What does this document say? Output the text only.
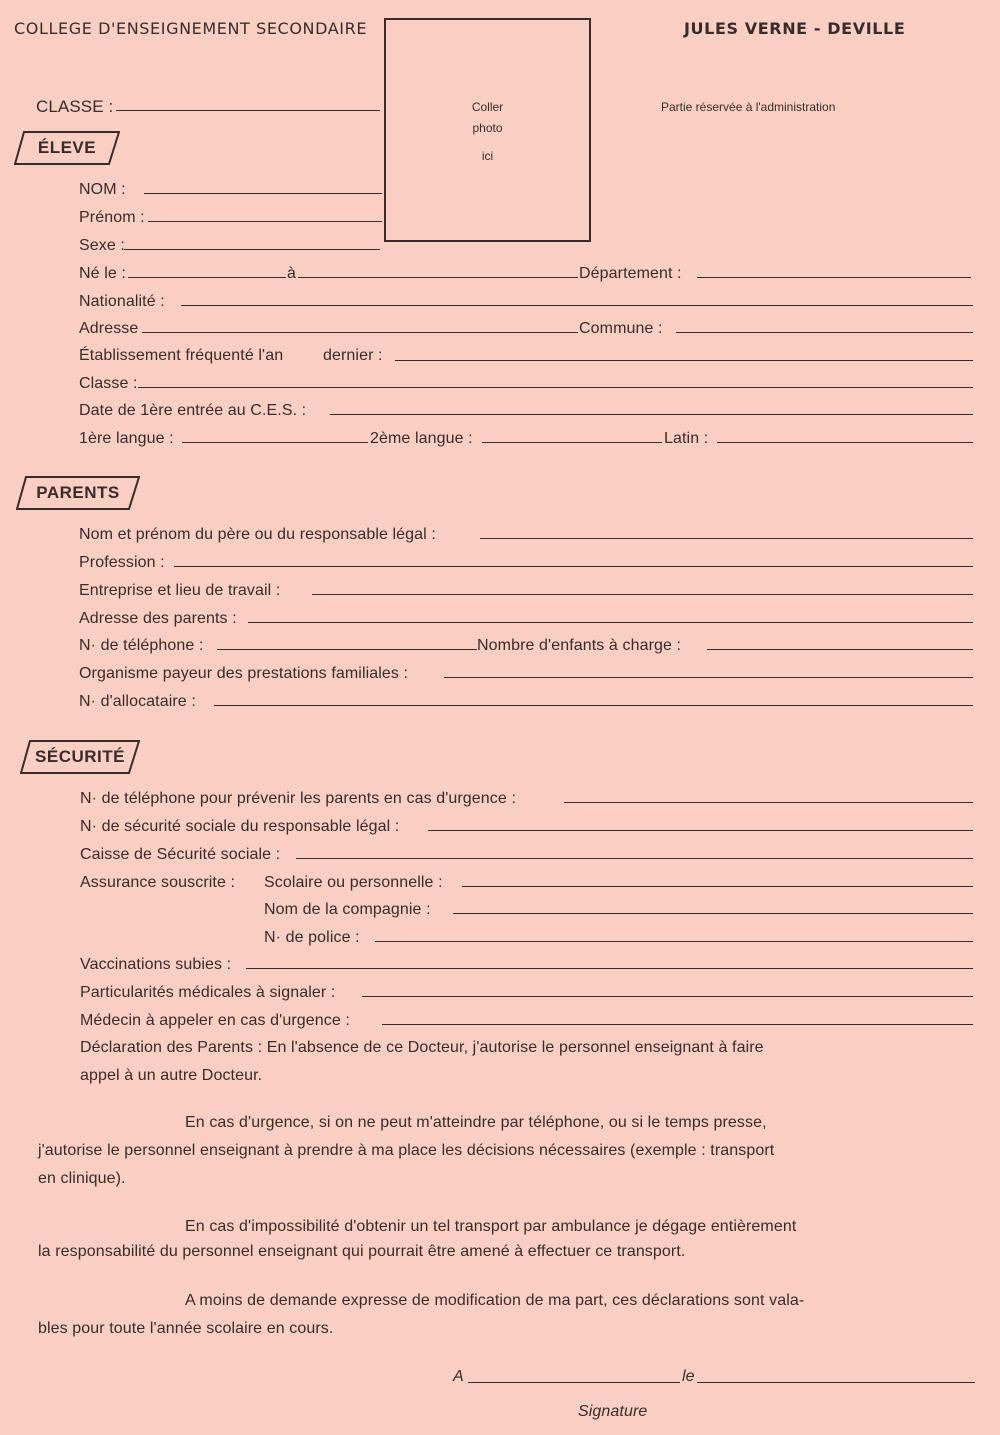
COLLEGE D'ENSEIGNEMENT SECONDAIRE	JULES VERNE - DEVILLE
Partie réservée à l'administration
Coller
photo
ici
CLASSE :
ÉLEVE
NOM :
Prénom :
Sexe :
Né le :	à	Département :
Nationalité :
Adresse	Commune :
Établissement fréquenté l'an dernier :
Classe :
Date de 1ère entrée au C.E.S. :
1ère langue :	2ème langue :	Latin :
PARENTS
Nom et prénom du père ou du responsable légal :
Profession :
Entreprise et lieu de travail :
Adresse des parents :
N· de téléphone :	Nombre d'enfants à charge :
Organisme payeur des prestations familiales :
N· d'allocataire :
SÉCURITÉ
N· de téléphone pour prévenir les parents en cas d'urgence :
N· de sécurité sociale du responsable légal :
Caisse de Sécurité sociale :
Assurance souscrite : Scolaire ou personnelle :
Nom de la compagnie :
N· de police :
Vaccinations subies :
Particularités médicales à signaler :
Médecin à appeler en cas d'urgence :
Déclaration des Parents : En l'absence de ce Docteur, j'autorise le personnel enseignant à faire
appel à un autre Docteur.
En cas d'urgence, si on ne peut m'atteindre par téléphone, ou si le temps presse,
j'autorise le personnel enseignant à prendre à ma place les décisions nécessaires (exemple : transport
en clinique).
En cas d'impossibilité d'obtenir un tel transport par ambulance je dégage entièrement
la responsabilité du personnel enseignant qui pourrait être amené à effectuer ce transport.
A moins de demande expresse de modification de ma part, ces déclarations sont vala-
bles pour toute l'année scolaire en cours.
A	le
Signature
